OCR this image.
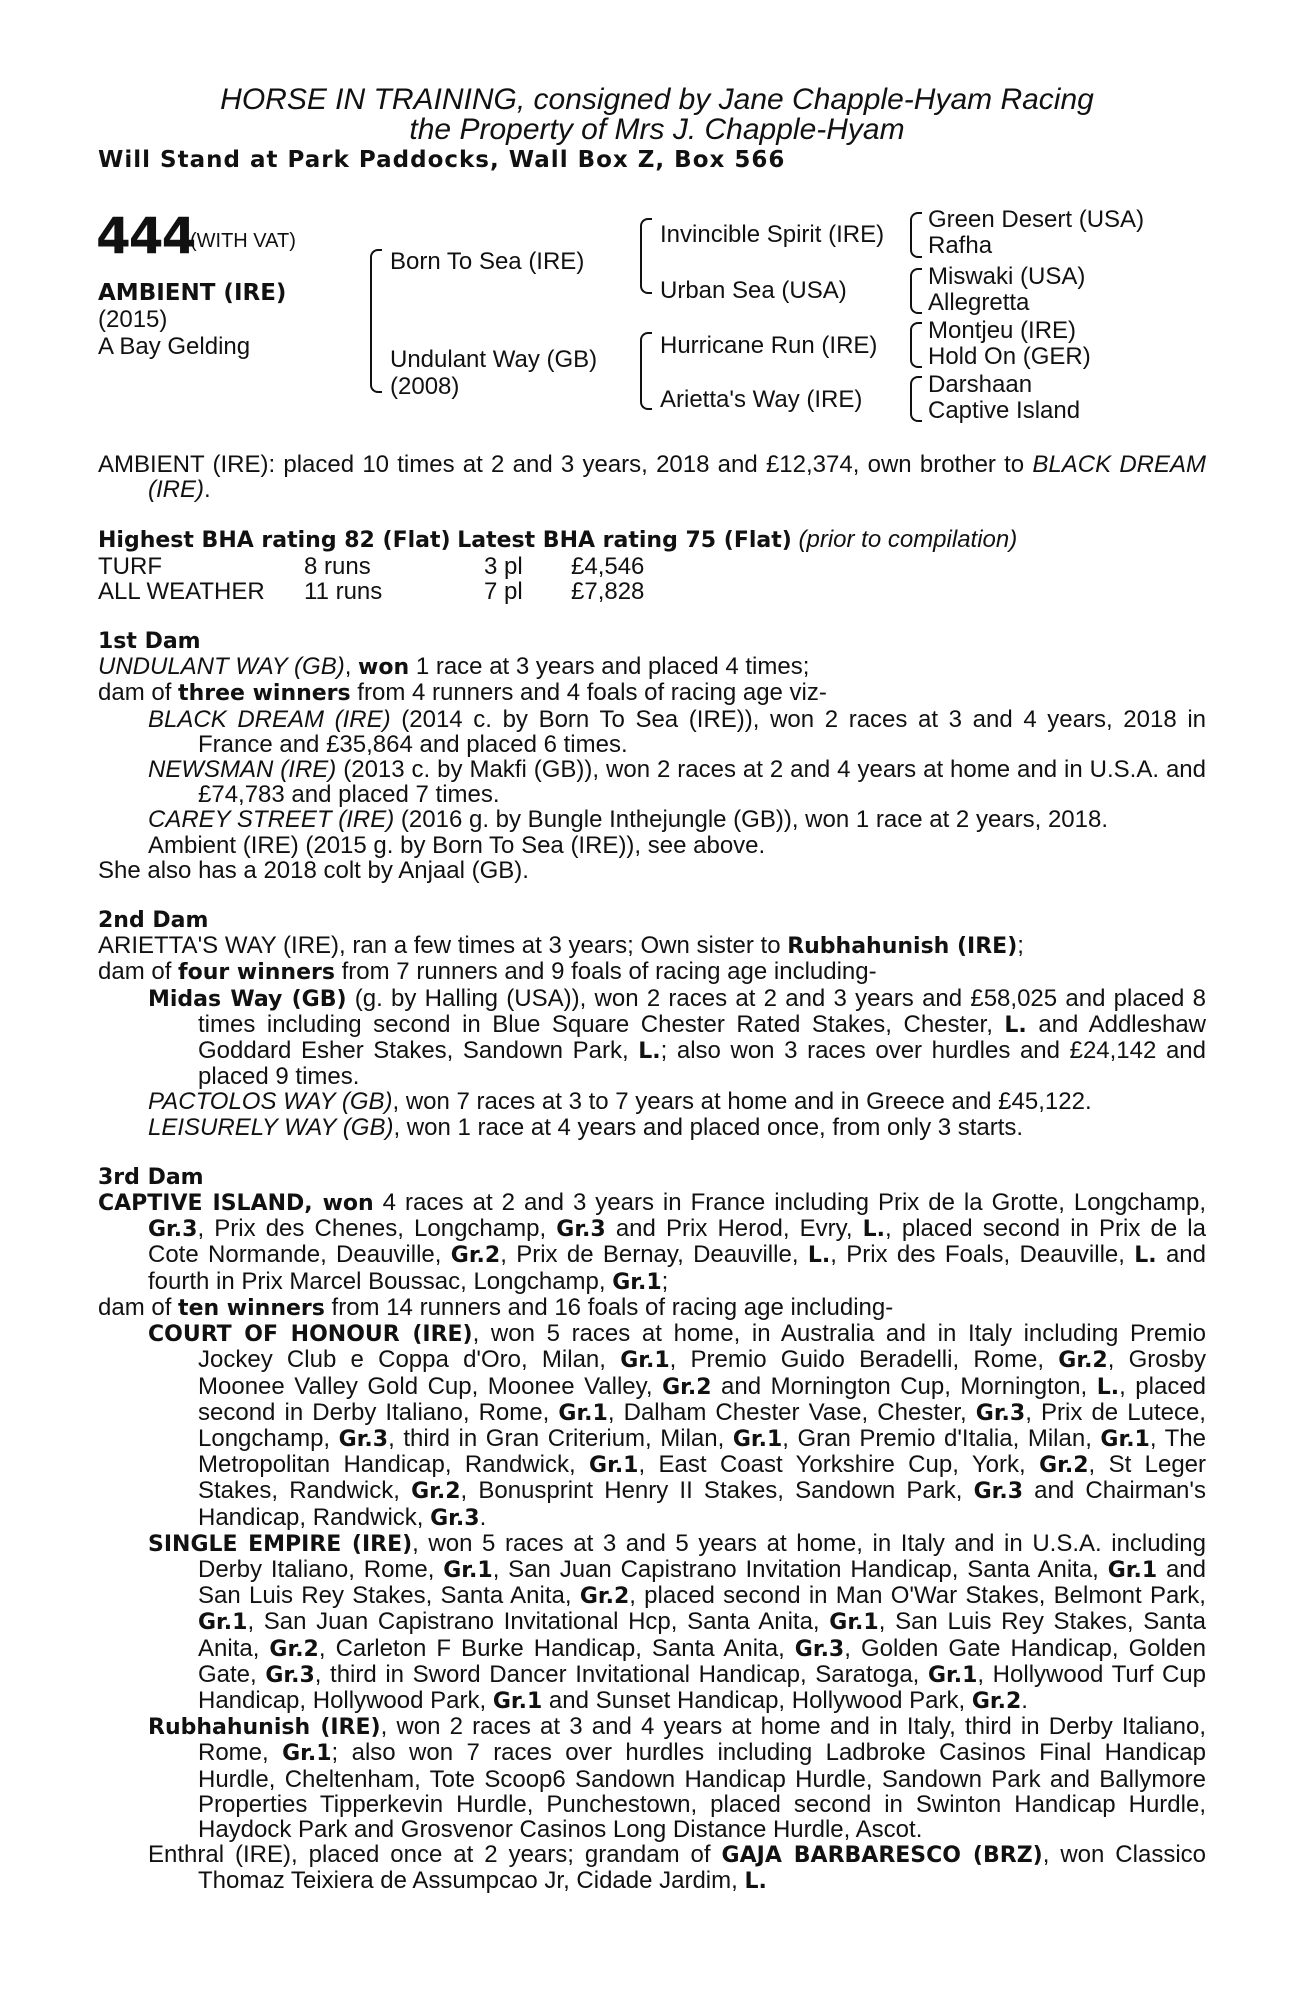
HORSE IN TRAINING, consigned by Jane Chapple-Hyam Racing
the Property of Mrs J. Chapple-Hyam
Will Stand at Park Paddocks, Wall Box Z, Box 566
444
(WITH VAT)
AMBIENT (IRE)
(2015)
A Bay Gelding
Born To Sea (IRE)
Undulant Way (GB)
(2008)
Invincible Spirit (IRE)
Urban Sea (USA)
Hurricane Run (IRE)
Arietta's Way (IRE)
Green Desert (USA)
Rafha
Miswaki (USA)
Allegretta
Montjeu (IRE)
Hold On (GER)
Darshaan
Captive Island

AMBIENT (IRE): placed 10 times at 2 and 3 years, 2018 and £12,374, own brother to BLACK DREAM (IRE).

Highest BHA rating 82 (Flat) Latest BHA rating 75 (Flat) (prior to compilation)

TURF	8 runs	3 pl	£4,546
ALL WEATHER	11 runs	7 pl	£7,828

1st Dam

UNDULANT WAY (GB), won 1 race at 3 years and placed 4 times;

dam of three winners from 4 runners and 4 foals of racing age viz-

BLACK DREAM (IRE) (2014 c. by Born To Sea (IRE)), won 2 races at 3 and 4 years, 2018 in France and £35,864 and placed 6 times.

NEWSMAN (IRE) (2013 c. by Makfi (GB)), won 2 races at 2 and 4 years at home and in U.S.A. and £74,783 and placed 7 times.

CAREY STREET (IRE) (2016 g. by Bungle Inthejungle (GB)), won 1 race at 2 years, 2018.

Ambient (IRE) (2015 g. by Born To Sea (IRE)), see above.

She also has a 2018 colt by Anjaal (GB).

2nd Dam

ARIETTA'S WAY (IRE), ran a few times at 3 years; Own sister to Rubhahunish (IRE);

dam of four winners from 7 runners and 9 foals of racing age including-

Midas Way (GB) (g. by Halling (USA)), won 2 races at 2 and 3 years and £58,025 and placed 8 times including second in Blue Square Chester Rated Stakes, Chester, L. and Addleshaw Goddard Esher Stakes, Sandown Park, L.; also won 3 races over hurdles and £24,142 and placed 9 times.

PACTOLOS WAY (GB), won 7 races at 3 to 7 years at home and in Greece and £45,122.

LEISURELY WAY (GB), won 1 race at 4 years and placed once, from only 3 starts.

3rd Dam

CAPTIVE ISLAND, won 4 races at 2 and 3 years in France including Prix de la Grotte, Longchamp, Gr.3, Prix des Chenes, Longchamp, Gr.3 and Prix Herod, Evry, L., placed second in Prix de la Cote Normande, Deauville, Gr.2, Prix de Bernay, Deauville, L., Prix des Foals, Deauville, L. and fourth in Prix Marcel Boussac, Longchamp, Gr.1;

dam of ten winners from 14 runners and 16 foals of racing age including-

COURT OF HONOUR (IRE), won 5 races at home, in Australia and in Italy including Premio Jockey Club e Coppa d'Oro, Milan, Gr.1, Premio Guido Beradelli, Rome, Gr.2, Grosby Moonee Valley Gold Cup, Moonee Valley, Gr.2 and Mornington Cup, Mornington, L., placed second in Derby Italiano, Rome, Gr.1, Dalham Chester Vase, Chester, Gr.3, Prix de Lutece, Longchamp, Gr.3, third in Gran Criterium, Milan, Gr.1, Gran Premio d'Italia, Milan, Gr.1, The Metropolitan Handicap, Randwick, Gr.1, East Coast Yorkshire Cup, York, Gr.2, St Leger Stakes, Randwick, Gr.2, Bonusprint Henry II Stakes, Sandown Park, Gr.3 and Chairman's Handicap, Randwick, Gr.3.

SINGLE EMPIRE (IRE), won 5 races at 3 and 5 years at home, in Italy and in U.S.A. including Derby Italiano, Rome, Gr.1, San Juan Capistrano Invitation Handicap, Santa Anita, Gr.1 and San Luis Rey Stakes, Santa Anita, Gr.2, placed second in Man O'War Stakes, Belmont Park, Gr.1, San Juan Capistrano Invitational Hcp, Santa Anita, Gr.1, San Luis Rey Stakes, Santa Anita, Gr.2, Carleton F Burke Handicap, Santa Anita, Gr.3, Golden Gate Handicap, Golden Gate, Gr.3, third in Sword Dancer Invitational Handicap, Saratoga, Gr.1, Hollywood Turf Cup Handicap, Hollywood Park, Gr.1 and Sunset Handicap, Hollywood Park, Gr.2.

Rubhahunish (IRE), won 2 races at 3 and 4 years at home and in Italy, third in Derby Italiano, Rome, Gr.1; also won 7 races over hurdles including Ladbroke Casinos Final Handicap Hurdle, Cheltenham, Tote Scoop6 Sandown Handicap Hurdle, Sandown Park and Ballymore Properties Tipperkevin Hurdle, Punchestown, placed second in Swinton Handicap Hurdle, Haydock Park and Grosvenor Casinos Long Distance Hurdle, Ascot.

Enthral (IRE), placed once at 2 years; grandam of GAJA BARBARESCO (BRZ), won Classico Thomaz Teixiera de Assumpcao Jr, Cidade Jardim, L.
